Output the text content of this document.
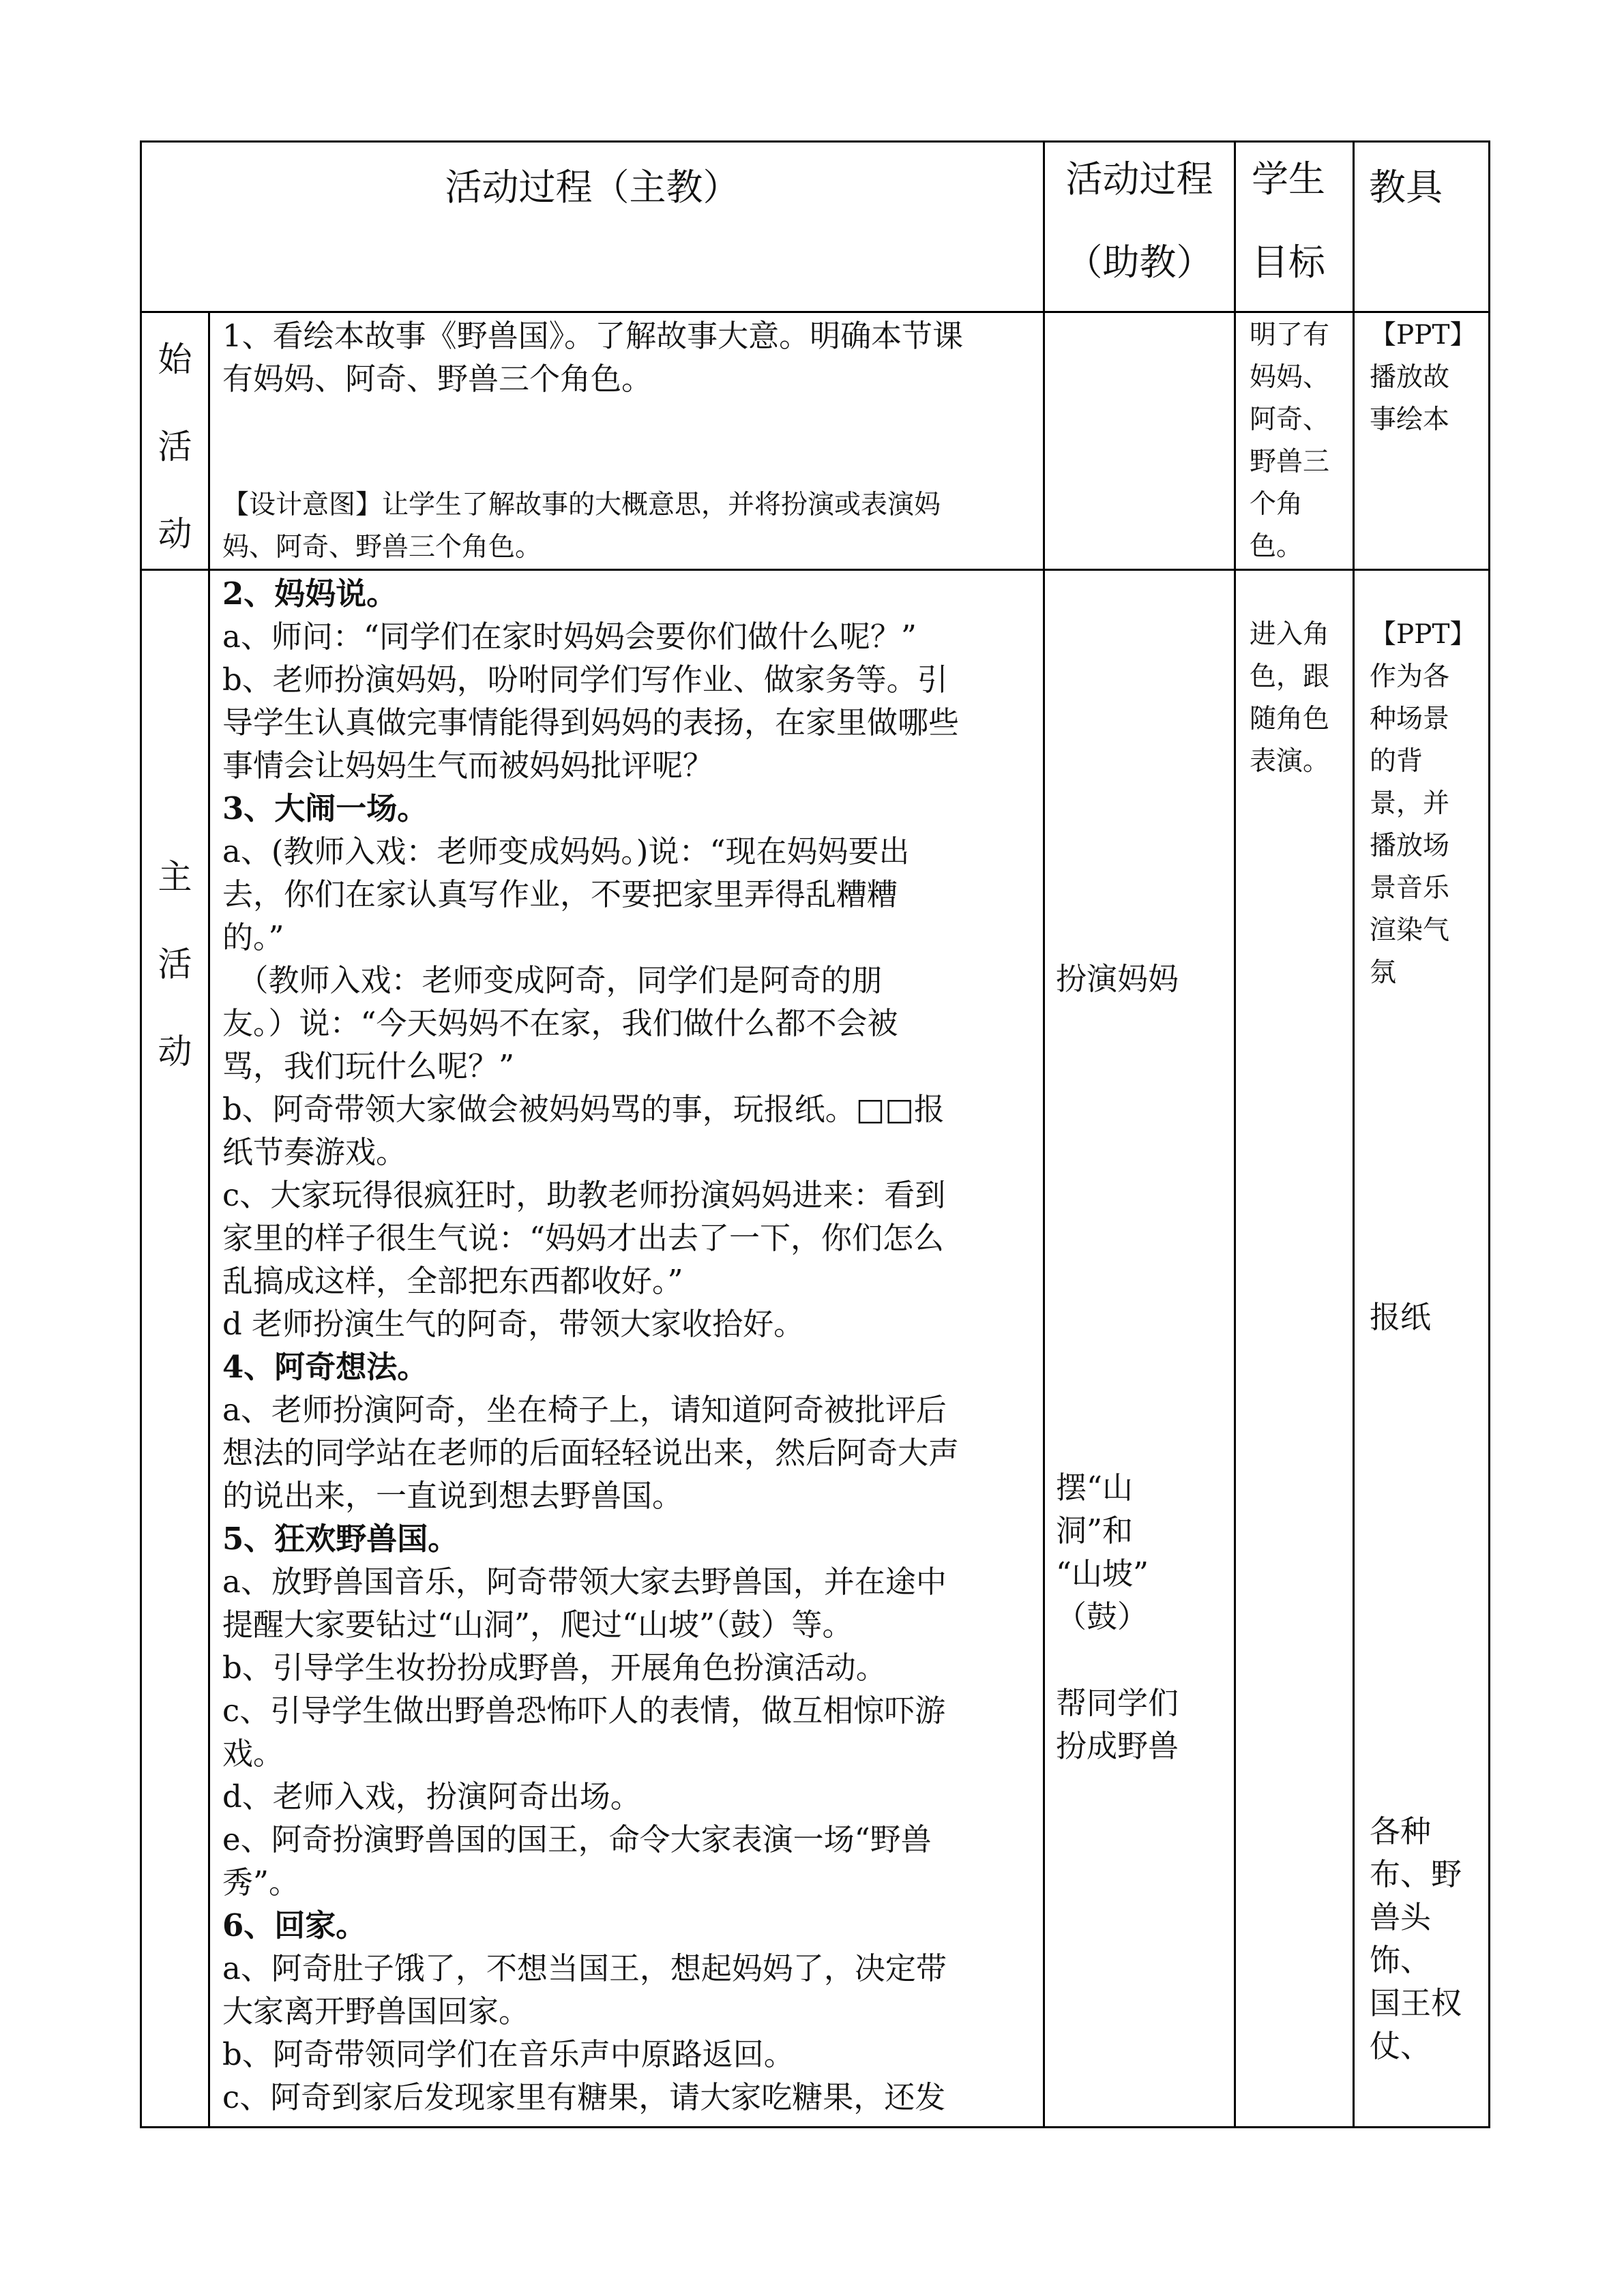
活动过程（主教）	活动过程
（助教）
学生
目标
教具
始
活
动
1、看绘本故事《野兽国》。了解故事大意。明确本节课
有妈妈、阿奇、野兽三个角色。
【设计意图】让学生了解故事的大概意思，并将扮演或表演妈
妈、阿奇、野兽三个角色。
明了有
妈妈、
阿奇、
野兽三
个角
色。
【PPT】
播放故
事绘本
主
活
动
2、妈妈说。
a、师问：“同学们在家时妈妈会要你们做什么呢？”
b、老师扮演妈妈，吩咐同学们写作业、做家务等。引
导学生认真做完事情能得到妈妈的表扬，在家里做哪些
事情会让妈妈生气而被妈妈批评呢？
3、大闹一场。
a、(教师入戏：老师变成妈妈。)说：“现在妈妈要出
去，你们在家认真写作业，不要把家里弄得乱糟糟
的。”
　（教师入戏：老师变成阿奇，同学们是阿奇的朋
友。）说：“今天妈妈不在家，我们做什么都不会被
骂，我们玩什么呢？”
b、阿奇带领大家做会被妈妈骂的事，玩报纸。□□报
纸节奏游戏。
c、大家玩得很疯狂时，助教老师扮演妈妈进来：看到
家里的样子很生气说：“妈妈才出去了一下，你们怎么
乱搞成这样，全部把东西都收好。”
d 老师扮演生气的阿奇，带领大家收拾好。
4、阿奇想法。
a、老师扮演阿奇，坐在椅子上，请知道阿奇被批评后
想法的同学站在老师的后面轻轻说出来，然后阿奇大声
的说出来，一直说到想去野兽国。
5、狂欢野兽国。
a、放野兽国音乐，阿奇带领大家去野兽国，并在途中
提醒大家要钻过“山洞”，爬过“山坡”（鼓）等。
b、引导学生妆扮扮成野兽，开展角色扮演活动。
c、引导学生做出野兽恐怖吓人的表情，做互相惊吓游
戏。
d、老师入戏，扮演阿奇出场。
e、阿奇扮演野兽国的国王，命令大家表演一场“野兽
秀”。
6、回家。
a、阿奇肚子饿了，不想当国王，想起妈妈了，决定带
大家离开野兽国回家。
b、阿奇带领同学们在音乐声中原路返回。
c、阿奇到家后发现家里有糖果，请大家吃糖果，还发
扮演妈妈
摆“山
洞”和
“山坡”
（鼓）
帮同学们
扮成野兽
进入角
色，跟
随角色
表演。
【PPT】
作为各
种场景
的背
景，并
播放场
景音乐
渲染气
氛
报纸
各种
布、野
兽头
饰、
国王权
仗、
